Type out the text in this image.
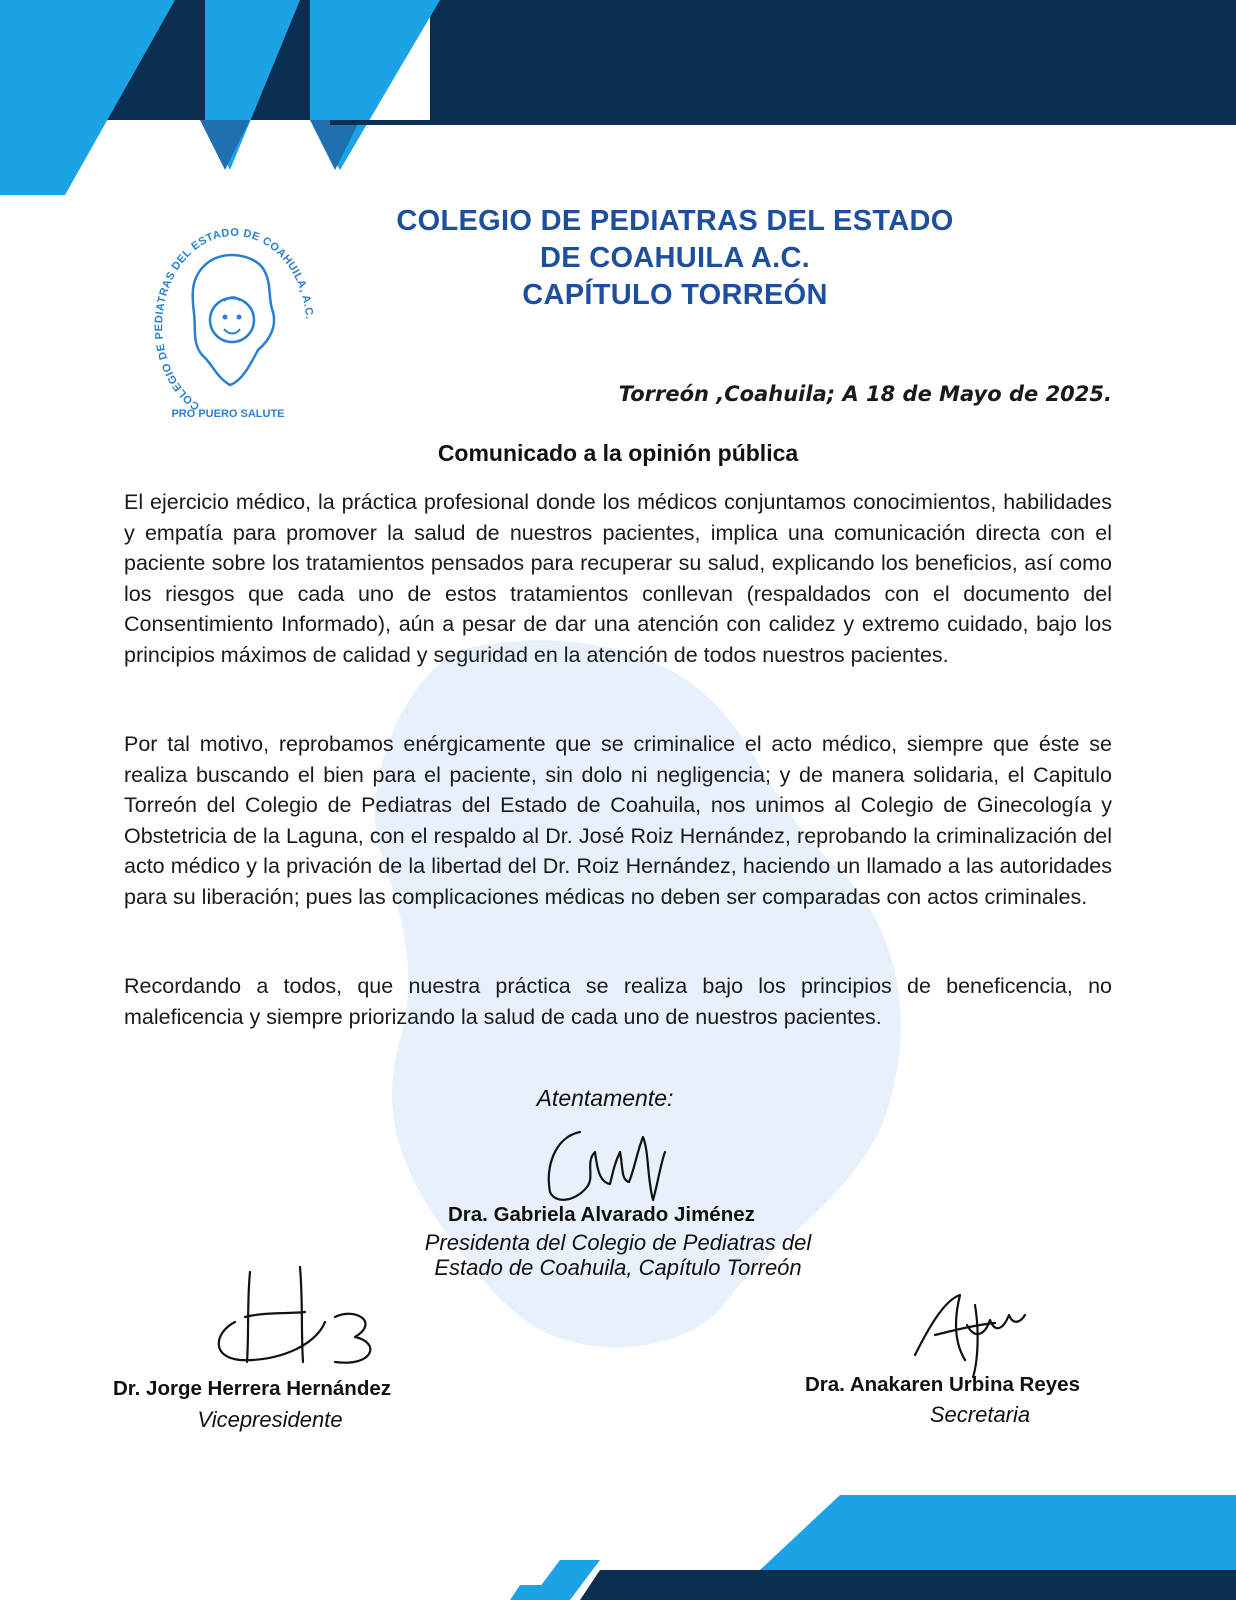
COLEGIO DE PEDIATRAS DEL ESTADO DE COAHUILA, A.C.
PRO PUERO SALUTE
COLEGIO DE PEDIATRAS DEL ESTADO
DE COAHUILA A.C.
CAPÍTULO TORREÓN
Torreón ,Coahuila; A 18 de Mayo de 2025.
Comunicado a la opinión pública

El ejercicio médico, la práctica profesional donde los médicos conjuntamos conocimientos, habilidades y empatía para promover la salud de nuestros pacientes, implica una comunicación directa con el paciente sobre los tratamientos pensados para recuperar su salud, explicando los beneficios, así como los riesgos que cada uno de estos tratamientos conllevan (respaldados con el documento del Consentimiento Informado), aún a pesar de dar una atención con calidez y extremo cuidado, bajo los principios máximos de calidad y seguridad en la atención de todos nuestros pacientes.

Por tal motivo, reprobamos enérgicamente que se criminalice el acto médico, siempre que éste se realiza buscando el bien para el paciente, sin dolo ni negligencia; y de manera solidaria, el Capitulo Torreón del Colegio de Pediatras del Estado de Coahuila, nos unimos al Colegio de Ginecología y Obstetricia de la Laguna, con el respaldo al Dr. José Roiz Hernández, reprobando la criminalización del acto médico y la privación de la libertad del Dr. Roiz Hernández, haciendo un llamado a las autoridades para su liberación; pues las complicaciones médicas no deben ser comparadas con actos criminales.

Recordando a todos, que nuestra práctica se realiza bajo los principios de beneficencia, no maleficencia y siempre priorizando la salud de cada uno de nuestros pacientes.

Atentamente:
Dra. Gabriela Alvarado Jiménez
Presidenta del Colegio de Pediatras del
Estado de Coahuila, Capítulo Torreón
Dr. Jorge Herrera Hernández
Vicepresidente
Dra. Anakaren Urbina Reyes
Secretaria
